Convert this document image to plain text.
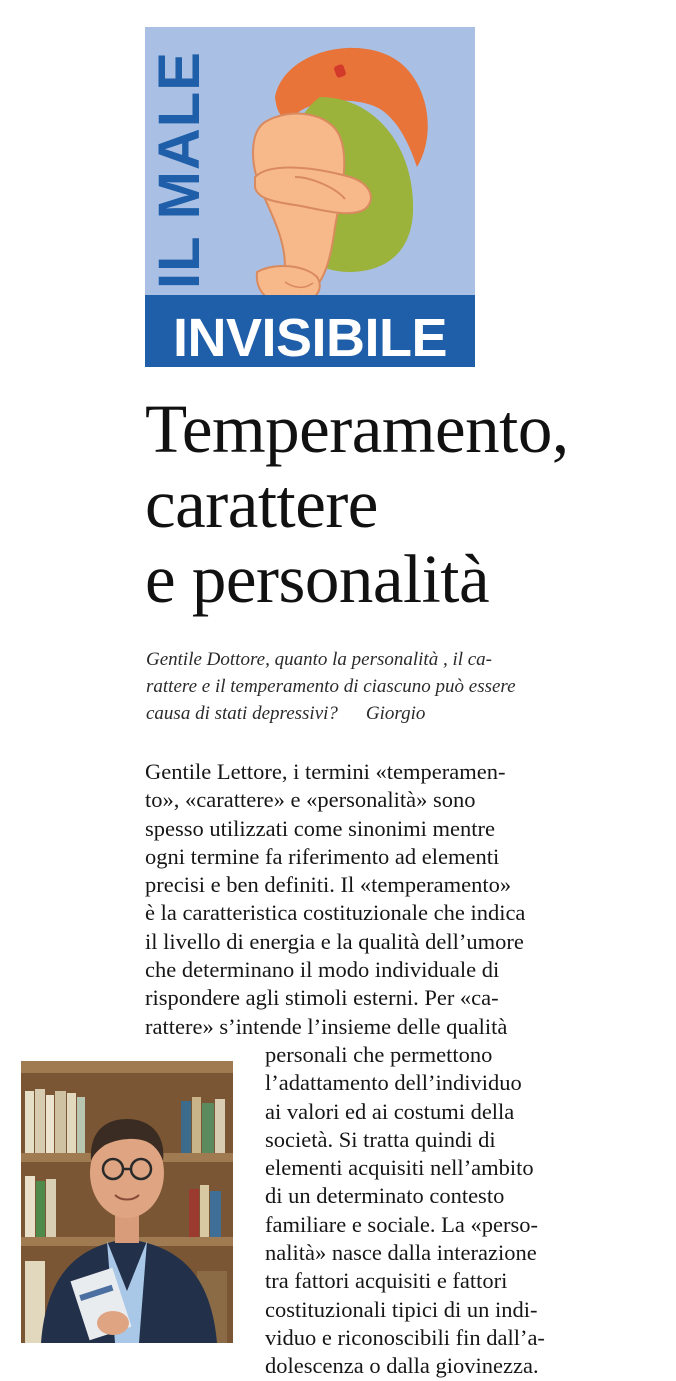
IL MALE
INVISIBILE
Temperamento,
carattere
e personalità
Gentile Dottore, quanto la personalità , il ca-
rattere e il temperamento di ciascuno può essere
causa di stati depressivi? Giorgio
Gentile Lettore, i termini «temperamen-
to», «carattere» e «personalità» sono
spesso utilizzati come sinonimi mentre
ogni termine fa riferimento ad elementi
precisi e ben definiti. Il «temperamento»
è la caratteristica costituzionale che indica
il livello di energia e la qualità dell’umore
che determinano il modo individuale di
rispondere agli stimoli esterni. Per «ca-
rattere» s’intende l’insieme delle qualità
personali che permettono
l’adattamento dell’individuo
ai valori ed ai costumi della
società. Si tratta quindi di
elementi acquisiti nell’ambito
di un determinato contesto
familiare e sociale. La «perso-
nalità» nasce dalla interazione
tra fattori acquisiti e fattori
costituzionali tipici di un indi-
viduo e riconoscibili fin dall’a-
dolescenza o dalla giovinezza.
